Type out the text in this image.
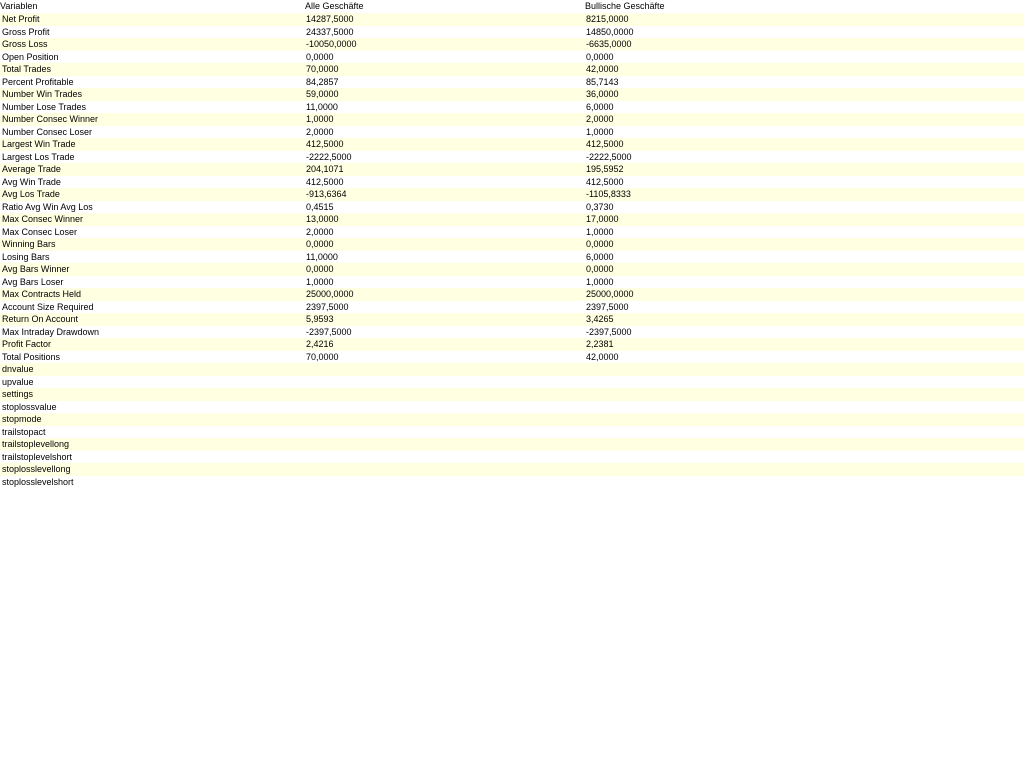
Variablen	Alle Geschäfte	Bullische Geschäfte
Net Profit	14287,5000	8215,0000
Gross Profit	24337,5000	14850,0000
Gross Loss	-10050,0000	-6635,0000
Open Position	0,0000	0,0000
Total Trades	70,0000	42,0000
Percent Profitable	84,2857	85,7143
Number Win Trades	59,0000	36,0000
Number Lose Trades	11,0000	6,0000
Number Consec Winner	1,0000	2,0000
Number Consec Loser	2,0000	1,0000
Largest Win Trade	412,5000	412,5000
Largest Los Trade	-2222,5000	-2222,5000
Average Trade	204,1071	195,5952
Avg Win Trade	412,5000	412,5000
Avg Los Trade	-913,6364	-1105,8333
Ratio Avg Win Avg Los	0,4515	0,3730
Max Consec Winner	13,0000	17,0000
Max Consec Loser	2,0000	1,0000
Winning Bars	0,0000	0,0000
Losing Bars	11,0000	6,0000
Avg Bars Winner	0,0000	0,0000
Avg Bars Loser	1,0000	1,0000
Max Contracts Held	25000,0000	25000,0000
Account Size Required	2397,5000	2397,5000
Return On Account	5,9593	3,4265
Max Intraday Drawdown	-2397,5000	-2397,5000
Profit Factor	2,4216	2,2381
Total Positions	70,0000	42,0000
dnvalue
upvalue
settings
stoplossvalue
stopmode
trailstopact
trailstoplevellong
trailstoplevelshort
stoplosslevellong
stoplosslevelshort
